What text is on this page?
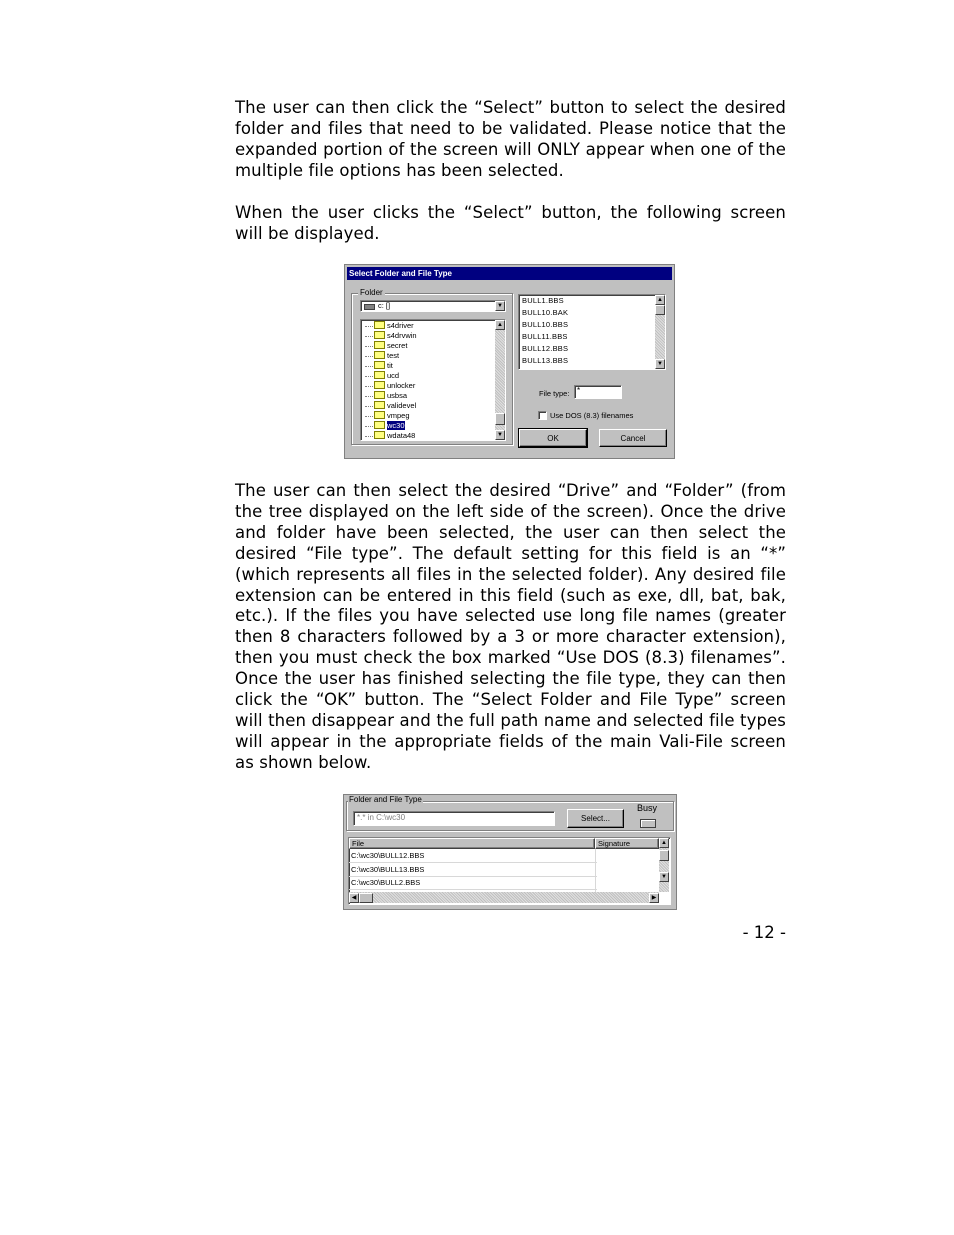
The user can then click the “Select” button to select the desired folder and files that need to be validated. Please notice that the expanded portion of the screen will ONLY appear when one of the multiple file options has been selected.
When the user clicks the “Select” button, the following screen will be displayed.
Select Folder and File Type
Folder
c: []	▼
s4driver
s4drvwin
secret
test
tit
ucd
unlocker
usbsa
validevel
vmpeg
wc30
wdata48
▲
▼
BULL1.BBS
BULL10.BAK
BULL10.BBS
BULL11.BBS
BULL12.BBS
BULL13.BBS
▲
▼
File type: *
Use DOS (8.3) filenames
OK	Cancel
The user can then select the desired “Drive” and “Folder” (from the tree displayed on the left side of the screen). Once the drive and folder have been selected, the user can then select the desired “File type”. The default setting for this field is an “*” (which represents all files in the selected folder). Any desired file extension can be entered in this field (such as exe, dll, bat, bak, etc.). If the files you have selected use long file names (greater then 8 characters followed by a 3 or more character extension), then you must check the box marked “Use DOS (8.3) filenames”. Once the user has finished selecting the file type, they can then click the “OK” button. The “Select Folder and File Type” screen will then disappear and the full path name and selected file types will appear in the appropriate fields of the main Vali-File screen as shown below.
Folder and File Type
*.* in C:\wc30	Select...
Busy
File	Signature
C:\wc30\BULL12.BBS
C:\wc30\BULL13.BBS
C:\wc30\BULL2.BBS
▲
▼
◀	▶
- 12 -
